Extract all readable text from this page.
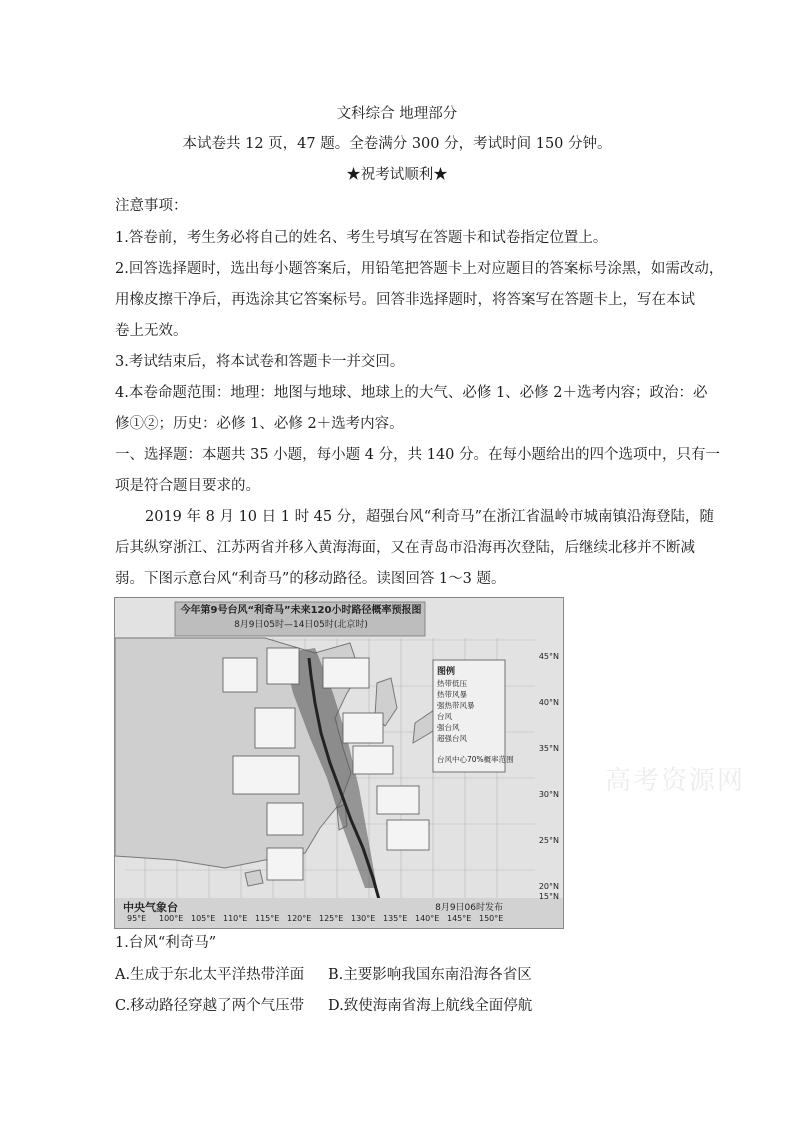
文科综合 地理部分
本试卷共 12 页，47 题。全卷满分 300 分，考试时间 150 分钟。
★祝考试顺利★
注意事项：
1.答卷前，考生务必将自己的姓名、考生号填写在答题卡和试卷指定位置上。
2.回答选择题时，选出每小题答案后，用铅笔把答题卡上对应题目的答案标号涂黑，如需改动，
用橡皮擦干净后，再选涂其它答案标号。回答非选择题时，将答案写在答题卡上，写在本试
卷上无效。
3.考试结束后，将本试卷和答题卡一并交回。
4.本卷命题范围：地理：地图与地球、地球上的大气、必修 1、必修 2＋选考内容；政治：必
修①②；历史：必修 1、必修 2＋选考内容。
一、选择题：本题共 35 小题，每小题 4 分，共 140 分。在每小题给出的四个选项中，只有一
项是符合题目要求的。
2019 年 8 月 10 日 1 时 45 分，超强台风“利奇马”在浙江省温岭市城南镇沿海登陆，随
后其纵穿浙江、江苏两省并移入黄海海面，又在青岛市沿海再次登陆，后继续北移并不断减
弱。下图示意台风“利奇马”的移动路径。读图回答 1～3 题。
今年第9号台风“利奇马”未来120小时路径概率预报图
8月9日05时—14日05时(北京时)
图例
热带低压
热带风暴
强热带风暴
台风
强台风
超强台风
台风中心70%概率范围
45°N
40°N
35°N
30°N
25°N
20°N
15°N
95°E	100°E 105°E 110°E 115°E 120°E 125°E 130°E 135°E 140°E 145°E 150°E
中央气象台	8月9日06时发布
高考资源网
1.台风“利奇马”
A.生成于东北太平洋热带洋面 B.主要影响我国东南沿海各省区
C.移动路径穿越了两个气压带 D.致使海南省海上航线全面停航
